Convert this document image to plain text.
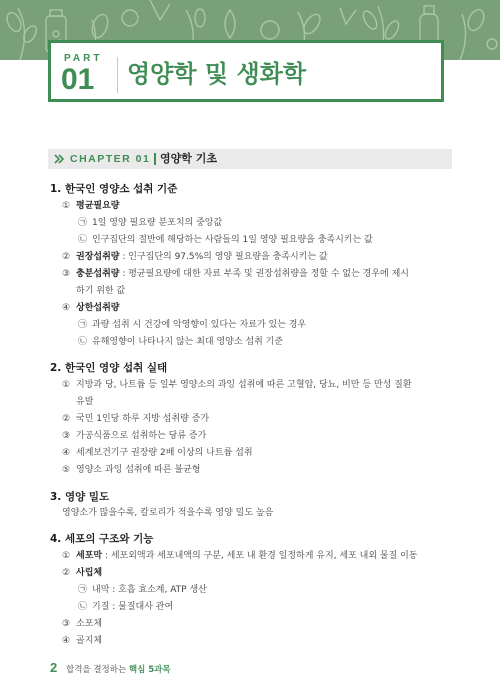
PART
01 영양학 및 생화학
CHAPTER 01 영양학 기초
1. 한국인 영양소 섭취 기준
① 평균필요량
㉠ 1일 영양 필요량 분포치의 중앙값
㉡ 인구집단의 절반에 해당하는 사람들의 1일 영양 필요량을 충족시키는 값
② 권장섭취량 : 인구집단의 97.5%의 영양 필요량을 충족시키는 값
③ 충분섭취량 : 평균필요량에 대한 자료 부족 및 권장섭취량을 정할 수 없는 경우에 제시
하기 위한 값
④ 상한섭취량
㉠ 과량 섭취 시 건강에 악영향이 있다는 자료가 있는 경우
㉡ 유해영향이 나타나지 않는 최대 영양소 섭취 기준
2. 한국인 영양 섭취 실태
① 지방과 당, 나트륨 등 일부 영양소의 과잉 섭취에 따른 고혈압, 당뇨, 비만 등 만성 질환
유발
② 국민 1인당 하루 지방 섭취량 증가
③ 가공식품으로 섭취하는 당류 증가
④ 세계보건기구 권장량 2배 이상의 나트륨 섭취
⑤ 영양소 과잉 섭취에 따른 불균형
3. 영양 밀도
영양소가 많을수록, 칼로리가 적을수록 영양 밀도 높음
4. 세포의 구조와 기능
① 세포막 : 세포외액과 세포내액의 구분, 세포 내 환경 일정하게 유지, 세포 내외 물질 이동
② 사립체
㉠ 내막 : 호흡 효소계, ATP 생산
㉡ 기질 : 물질대사 관여
③ 소포체
④ 골지체
2 합격을 결정하는 핵심 5과목
